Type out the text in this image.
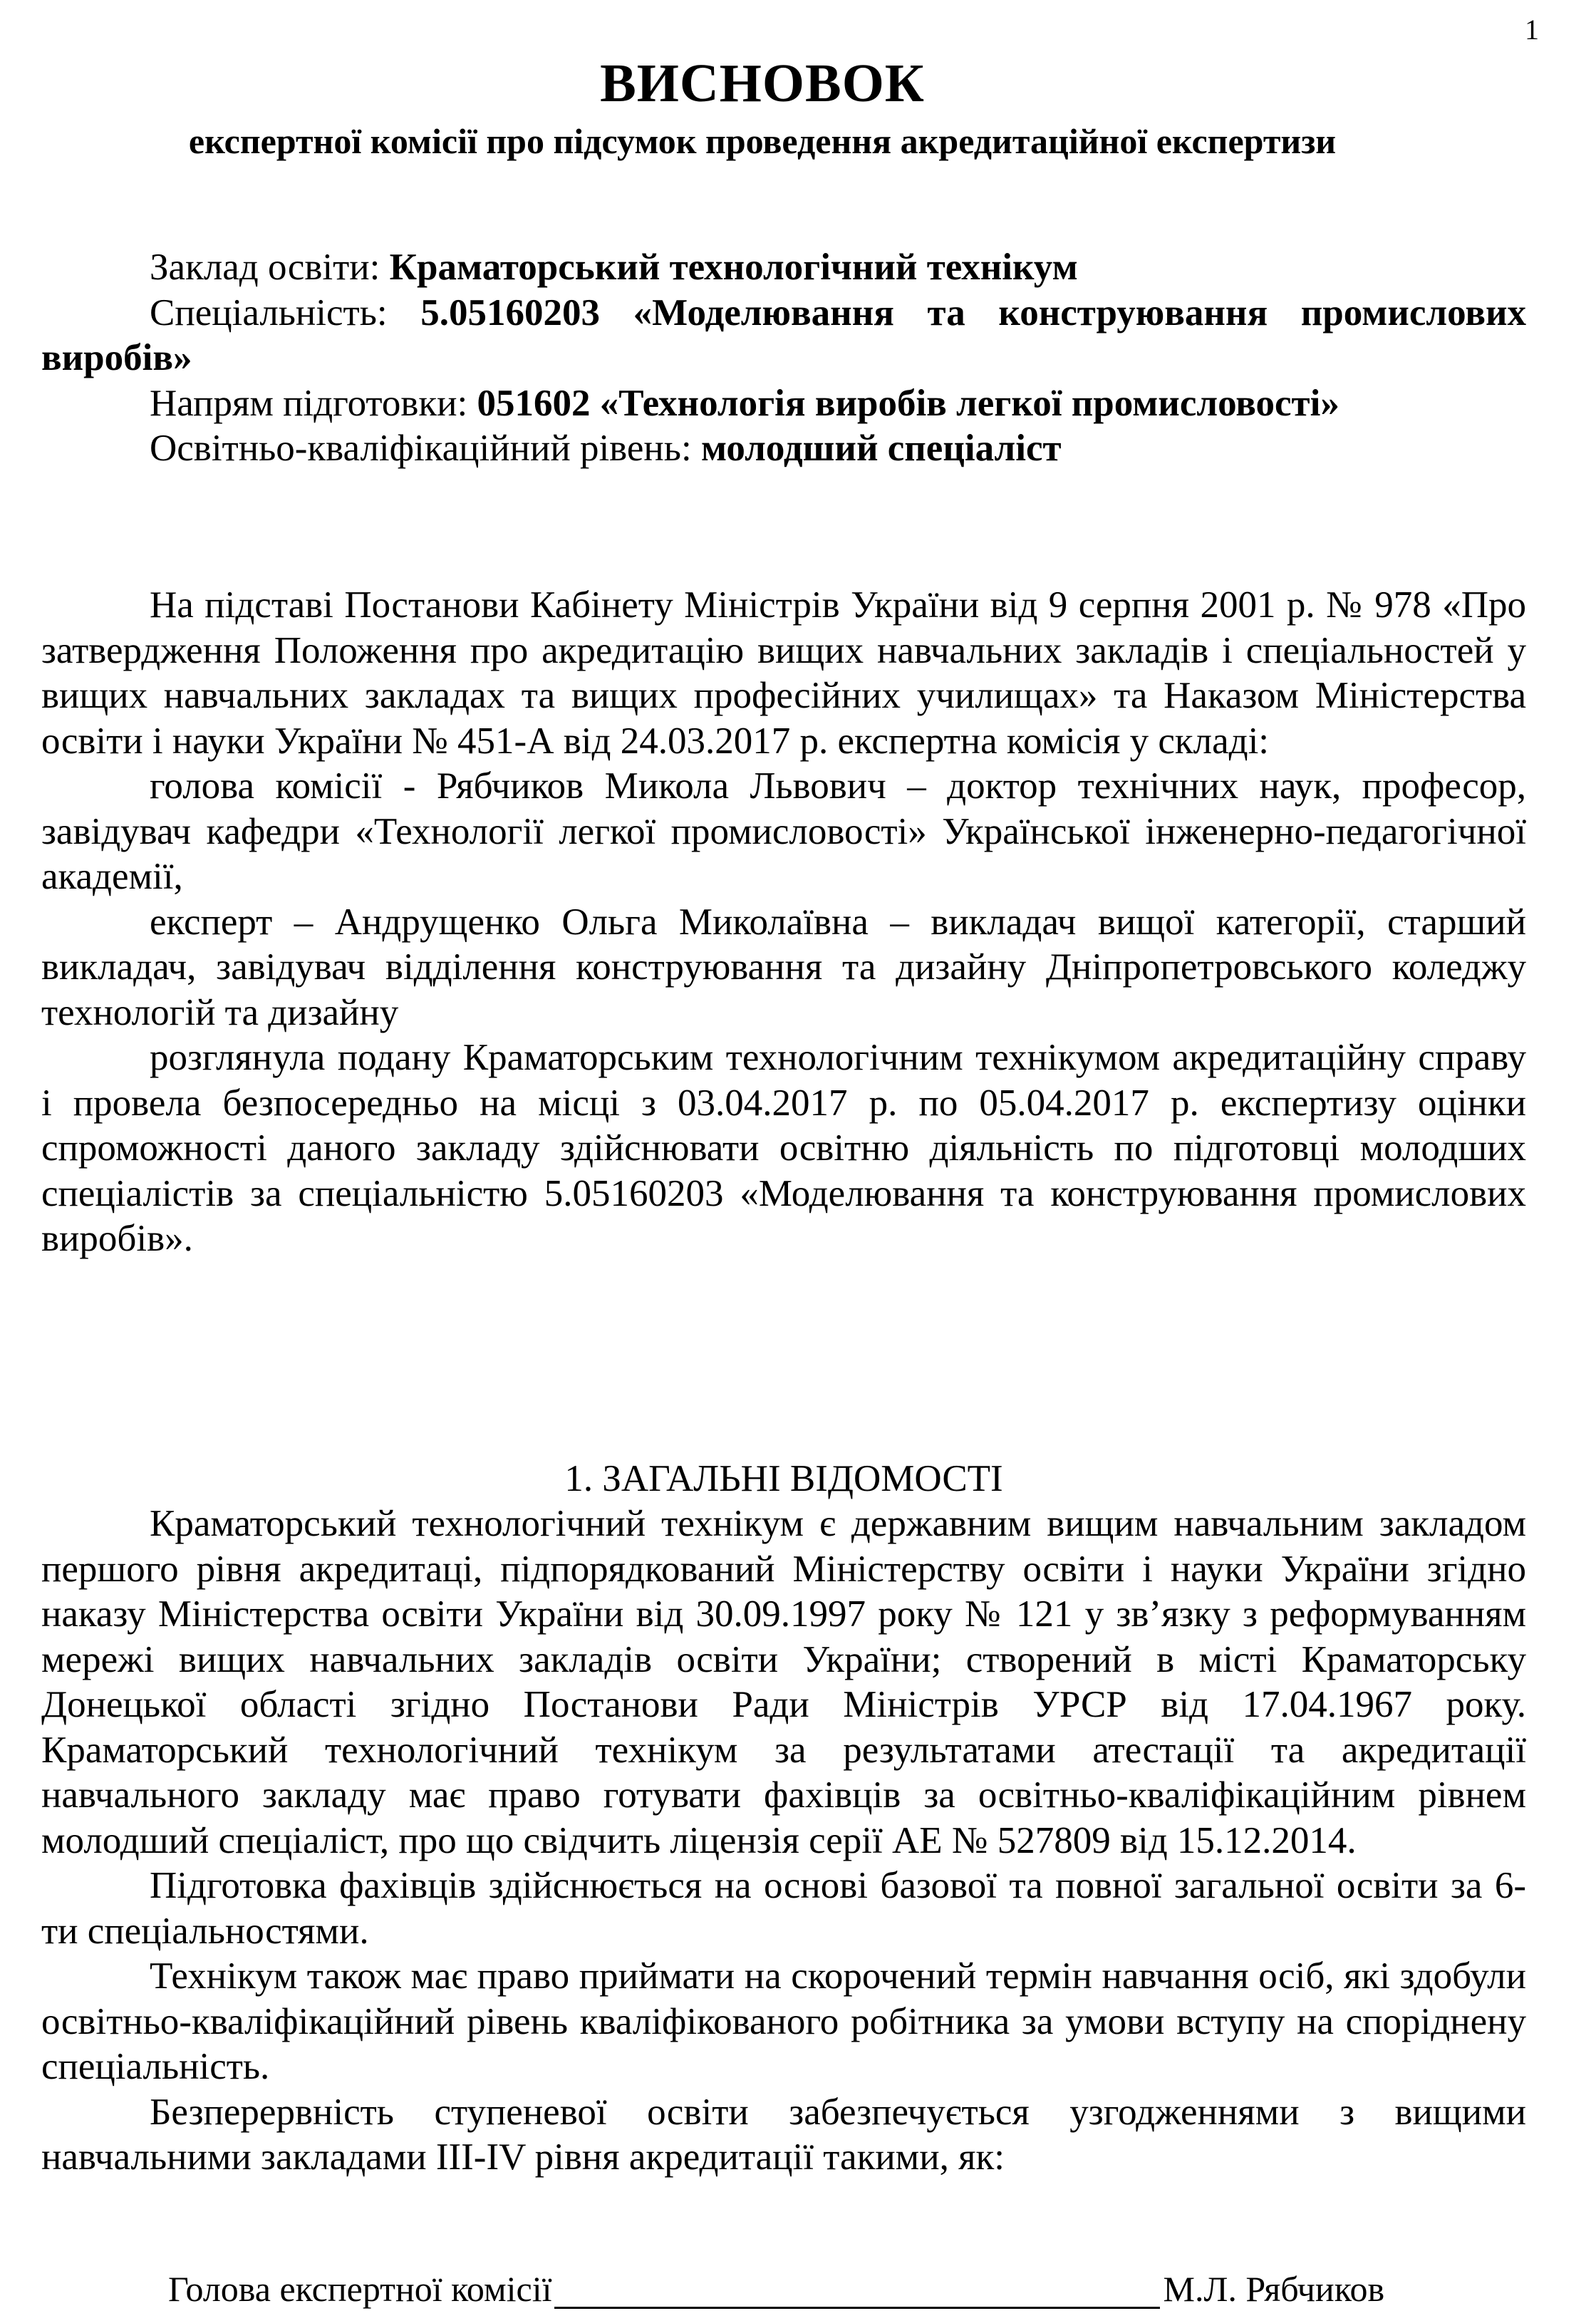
1
ВИСНОВОК
експертної комісії про підсумок проведення акредитаційної експертизи

Заклад освіти: Краматорський технологічний технікум

Спеціальність: 5.05160203 «Моделювання та конструювання промислових виробів»

Напрям підготовки: 051602 «Технологія виробів легкої промисловості»

Освітньо-кваліфікаційний рівень: молодший спеціаліст

На підставі Постанови Кабінету Міністрів України від 9 серпня 2001 р. № 978 «Про затвердження Положення про акредитацію вищих навчальних закладів і спеціальностей у вищих навчальних закладах та вищих професійних училищах» та Наказом Міністерства освіти і науки України № 451-А від 24.03.2017 р. експертна комісія у складі:

голова комісії - Рябчиков Микола Львович – доктор технічних наук, професор, завідувач кафедри «Технології легкої промисловості» Української інженерно-педагогічної академії,

експерт – Андрущенко Ольга Миколаївна – викладач вищої категорії, старший викладач, завідувач відділення конструювання та дизайну Дніпропетровського коледжу технологій та дизайну

розглянула подану Краматорським технологічним технікумом акредитаційну справу і провела безпосередньо на місці з 03.04.2017 р. по 05.04.2017 р. експертизу оцінки спроможності даного закладу здійснювати освітню діяльність по підготовці молодших спеціалістів за спеціальністю 5.05160203 «Моделювання та конструювання промислових виробів».

1. ЗАГАЛЬНІ ВІДОМОСТІ

Краматорський технологічний технікум є державним вищим навчальним закладом першого рівня акредитаці, підпорядкований Міністерству освіти і науки України згідно наказу Міністерства освіти України від 30.09.1997 року № 121 у зв’язку з реформуванням мережі вищих навчальних закладів освіти України; створений в місті Краматорську Донецької області згідно Постанови Ради Міністрів УРСР від 17.04.1967 року. Краматорський технологічний технікум за результатами атестації та акредитації навчального закладу має право готувати фахівців за освітньо-кваліфікаційним рівнем молодший спеціаліст, про що свідчить ліцензія серії АЕ № 527809 від 15.12.2014.

Підготовка фахівців здійснюється на основі базової та повної загальної освіти за 6-ти спеціальностями.

Технікум також має право приймати на скорочений термін навчання осіб, які здобули освітньо-кваліфікаційний рівень кваліфікованого робітника за умови вступу на споріднену спеціальність.

Безперервність ступеневої освіти забезпечується узгодженнями з вищими навчальними закладами ІІІ-ІV рівня акредитації такими, як:

Голова експертної комісії	М.Л. Рябчиков
